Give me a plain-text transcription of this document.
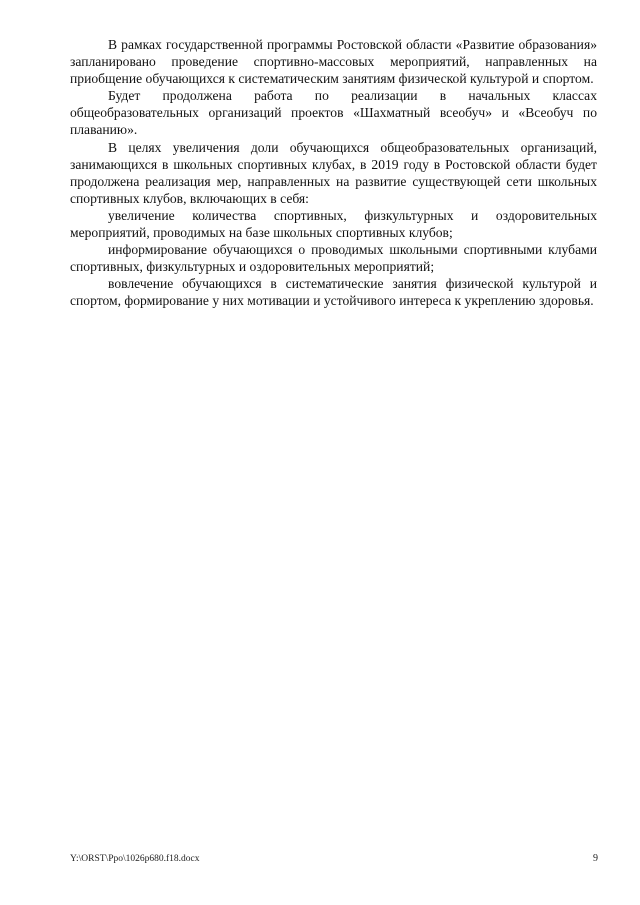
В рамках государственной программы Ростовской области «Развитие образования» запланировано проведение спортивно-массовых мероприятий, направленных на приобщение обучающихся к систематическим занятиям физической культурой и спортом.

Будет продолжена работа по реализации в начальных классах общеобразовательных организаций проектов «Шахматный всеобуч» и «Всеобуч по плаванию».

В целях увеличения доли обучающихся общеобразовательных организаций, занимающихся в школьных спортивных клубах, в 2019 году в Ростовской области будет продолжена реализация мер, направленных на развитие существующей сети школьных спортивных клубов, включающих в себя:

увеличение количества спортивных, физкультурных и оздоровительных мероприятий, проводимых на базе школьных спортивных клубов;

информирование обучающихся о проводимых школьными спортивными клубами спортивных, физкультурных и оздоровительных мероприятий;

вовлечение обучающихся в систематические занятия физической культурой и спортом, формирование у них мотивации и устойчивого интереса к укреплению здоровья.

Y:\ORST\Ppo\1026p680.f18.docx	9
